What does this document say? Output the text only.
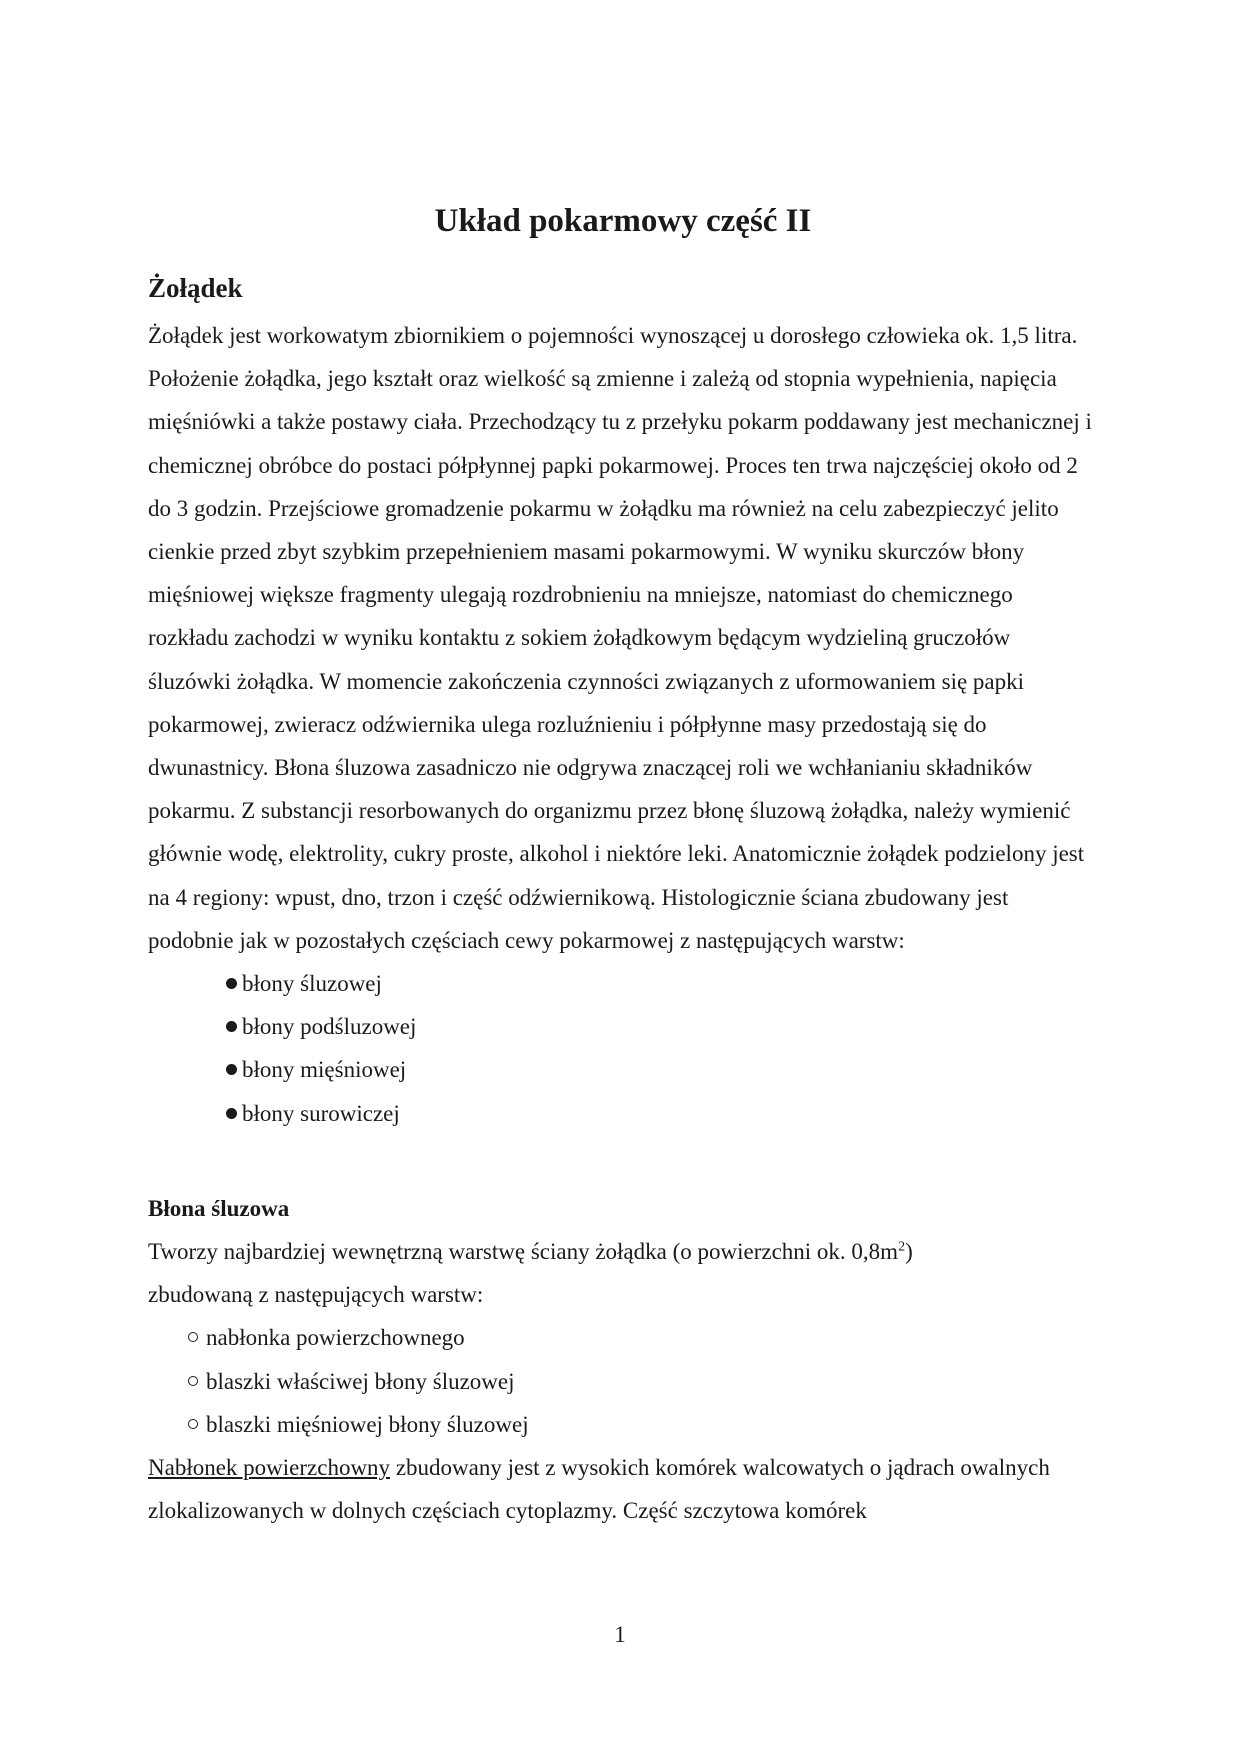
Układ pokarmowy część II
Żołądek

Żołądek jest workowatym zbiornikiem o pojemności wynoszącej u dorosłego człowieka ok. 1,5 litra. Położenie żołądka, jego kształt oraz wielkość są zmienne i zależą od stopnia wypełnienia, napięcia mięśniówki a także postawy ciała. Przechodzący tu z przełyku pokarm poddawany jest mechanicznej i chemicznej obróbce do postaci półpłynnej papki pokarmowej. Proces ten trwa najczęściej około od 2 do 3 godzin. Przejściowe gromadzenie pokarmu w żołądku ma również na celu zabezpieczyć jelito cienkie przed zbyt szybkim przepełnieniem masami pokarmowymi. W wyniku skurczów błony mięśniowej większe fragmenty ulegają rozdrobnieniu na mniejsze, natomiast do chemicznego rozkładu zachodzi w wyniku kontaktu z sokiem żołądkowym będącym wydzieliną gruczołów śluzówki żołądka. W momencie zakończenia czynności związanych z uformowaniem się papki pokarmowej, zwieracz odźwiernika ulega rozluźnieniu i półpłynne masy przedostają się do dwunastnicy. Błona śluzowa zasadniczo nie odgrywa znaczącej roli we wchłanianiu składników pokarmu. Z substancji resorbowanych do organizmu przez błonę śluzową żołądka, należy wymienić głównie wodę, elektrolity, cukry proste, alkohol i niektóre leki. Anatomicznie żołądek podzielony jest na 4 regiony: wpust, dno, trzon i część odźwiernikową. Histologicznie ściana zbudowany jest podobnie jak w pozostałych częściach cewy pokarmowej z następujących warstw:

błony śluzowej
błony podśluzowej
błony mięśniowej
błony surowiczej
Błona śluzowa

Tworzy najbardziej wewnętrzną warstwę ściany żołądka (o powierzchni ok. $0,8m^2$)
zbudowaną z następujących warstw:

nabłonka powierzchownego
blaszki właściwej błony śluzowej
blaszki mięśniowej błony śluzowej

Nabłonek powierzchowny zbudowany jest z wysokich komórek walcowatych o jądrach owalnych zlokalizowanych w dolnych częściach cytoplazmy. Część szczytowa komórek

1
